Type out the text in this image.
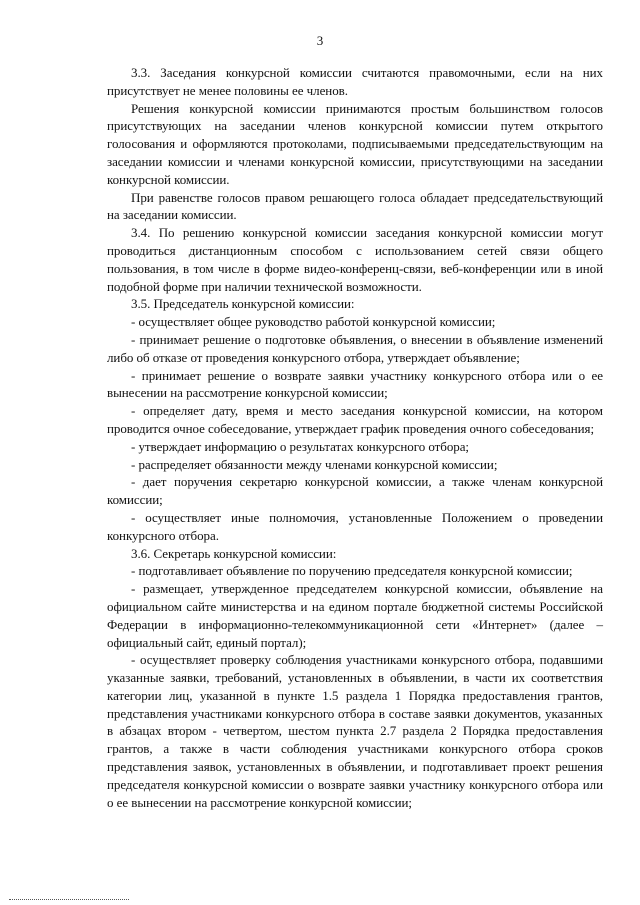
3

3.3. Заседания конкурсной комиссии считаются правомочными, если на них присутствует не менее половины ее членов.

Решения конкурсной комиссии принимаются простым большинством голосов присутствующих на заседании членов конкурсной комиссии путем открытого голосования и оформляются протоколами, подписываемыми председательствующим на заседании комиссии и членами конкурсной комиссии, присутствующими на заседании конкурсной комиссии.

При равенстве голосов правом решающего голоса обладает председательствующий на заседании комиссии.

3.4. По решению конкурсной комиссии заседания конкурсной комиссии могут проводиться дистанционным способом с использованием сетей связи общего пользования, в том числе в форме видео-конференц-связи, веб-конференции или в иной подобной форме при наличии технической возможности.

3.5. Председатель конкурсной комиссии:

- осуществляет общее руководство работой конкурсной комиссии;

- принимает решение о подготовке объявления, о внесении в объявление изменений либо об отказе от проведения конкурсного отбора, утверждает объявление;

- принимает решение о возврате заявки участнику конкурсного отбора или о ее вынесении на рассмотрение конкурсной комиссии;

- определяет дату, время и место заседания конкурсной комиссии, на котором проводится очное собеседование, утверждает график проведения очного собеседования;

- утверждает информацию о результатах конкурсного отбора;

- распределяет обязанности между членами конкурсной комиссии;

- дает поручения секретарю конкурсной комиссии, а также членам конкурсной комиссии;

- осуществляет иные полномочия, установленные Положением о проведении конкурсного отбора.

3.6. Секретарь конкурсной комиссии:

- подготавливает объявление по поручению председателя конкурсной комиссии;

- размещает, утвержденное председателем конкурсной комиссии, объявление на официальном сайте министерства и на едином портале бюджетной системы Российской Федерации в информационно-телекоммуникационной сети «Интернет» (далее – официальный сайт, единый портал);

- осуществляет проверку соблюдения участниками конкурсного отбора, подавшими указанные заявки, требований, установленных в объявлении, в части их соответствия категории лиц, указанной в пункте 1.5 раздела 1 Порядка предоставления грантов, представления участниками конкурсного отбора в составе заявки документов, указанных в абзацах втором - четвертом, шестом пункта 2.7 раздела 2 Порядка предоставления грантов, а также в части соблюдения участниками конкурсного отбора сроков представления заявок, установленных в объявлении, и подготавливает проект решения председателя конкурсной комиссии о возврате заявки участнику конкурсного отбора или о ее вынесении на рассмотрение конкурсной комиссии;
